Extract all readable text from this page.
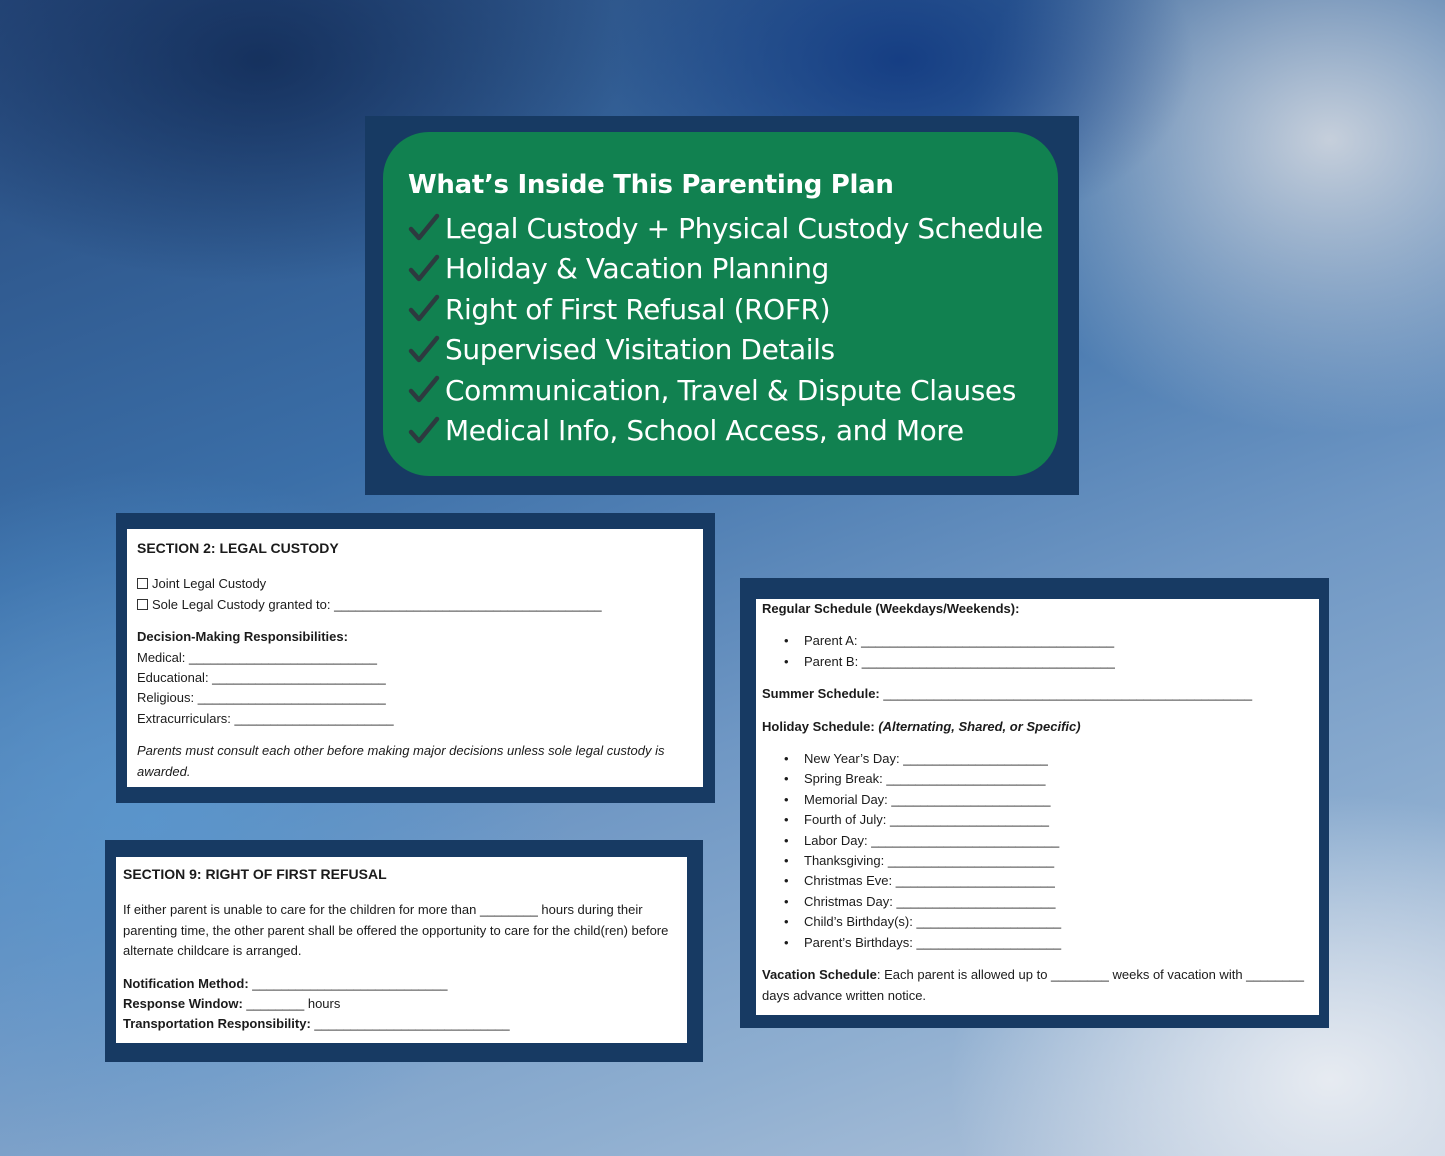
What’s Inside This Parenting Plan
Legal Custody + Physical Custody Schedule
Holiday & Vacation Planning
Right of First Refusal (ROFR)
Supervised Visitation Details
Communication, Travel & Dispute Clauses
Medical Info, School Access, and More
SECTION 2: LEGAL CUSTODY
Joint Legal Custody
Sole Legal Custody granted to: _____________________________________
Decision-Making Responsibilities:
Medical: __________________________
Educational: ________________________
Religious: __________________________
Extracurriculars: ______________________
Parents must consult each other before making major decisions unless sole legal custody is awarded.
SECTION 9: RIGHT OF FIRST REFUSAL
If either parent is unable to care for the children for more than ________ hours during their parenting time, the other parent shall be offered the opportunity to care for the child(ren) before alternate childcare is arranged.
Notification Method: ___________________________
Response Window: ________ hours
Transportation Responsibility: ___________________________
Regular Schedule (Weekdays/Weekends):
• Parent A: ___________________________________
• Parent B: ___________________________________
Summer Schedule: ___________________________________________________
Holiday Schedule: (Alternating, Shared, or Specific)
• New Year’s Day: ____________________
• Spring Break: ______________________
• Memorial Day: ______________________
• Fourth of July: ______________________
• Labor Day: __________________________
• Thanksgiving: _______________________
• Christmas Eve: ______________________
• Christmas Day: ______________________
• Child’s Birthday(s): ____________________
• Parent’s Birthdays: ____________________
Vacation Schedule: Each parent is allowed up to ________ weeks of vacation with ________ days advance written notice.
